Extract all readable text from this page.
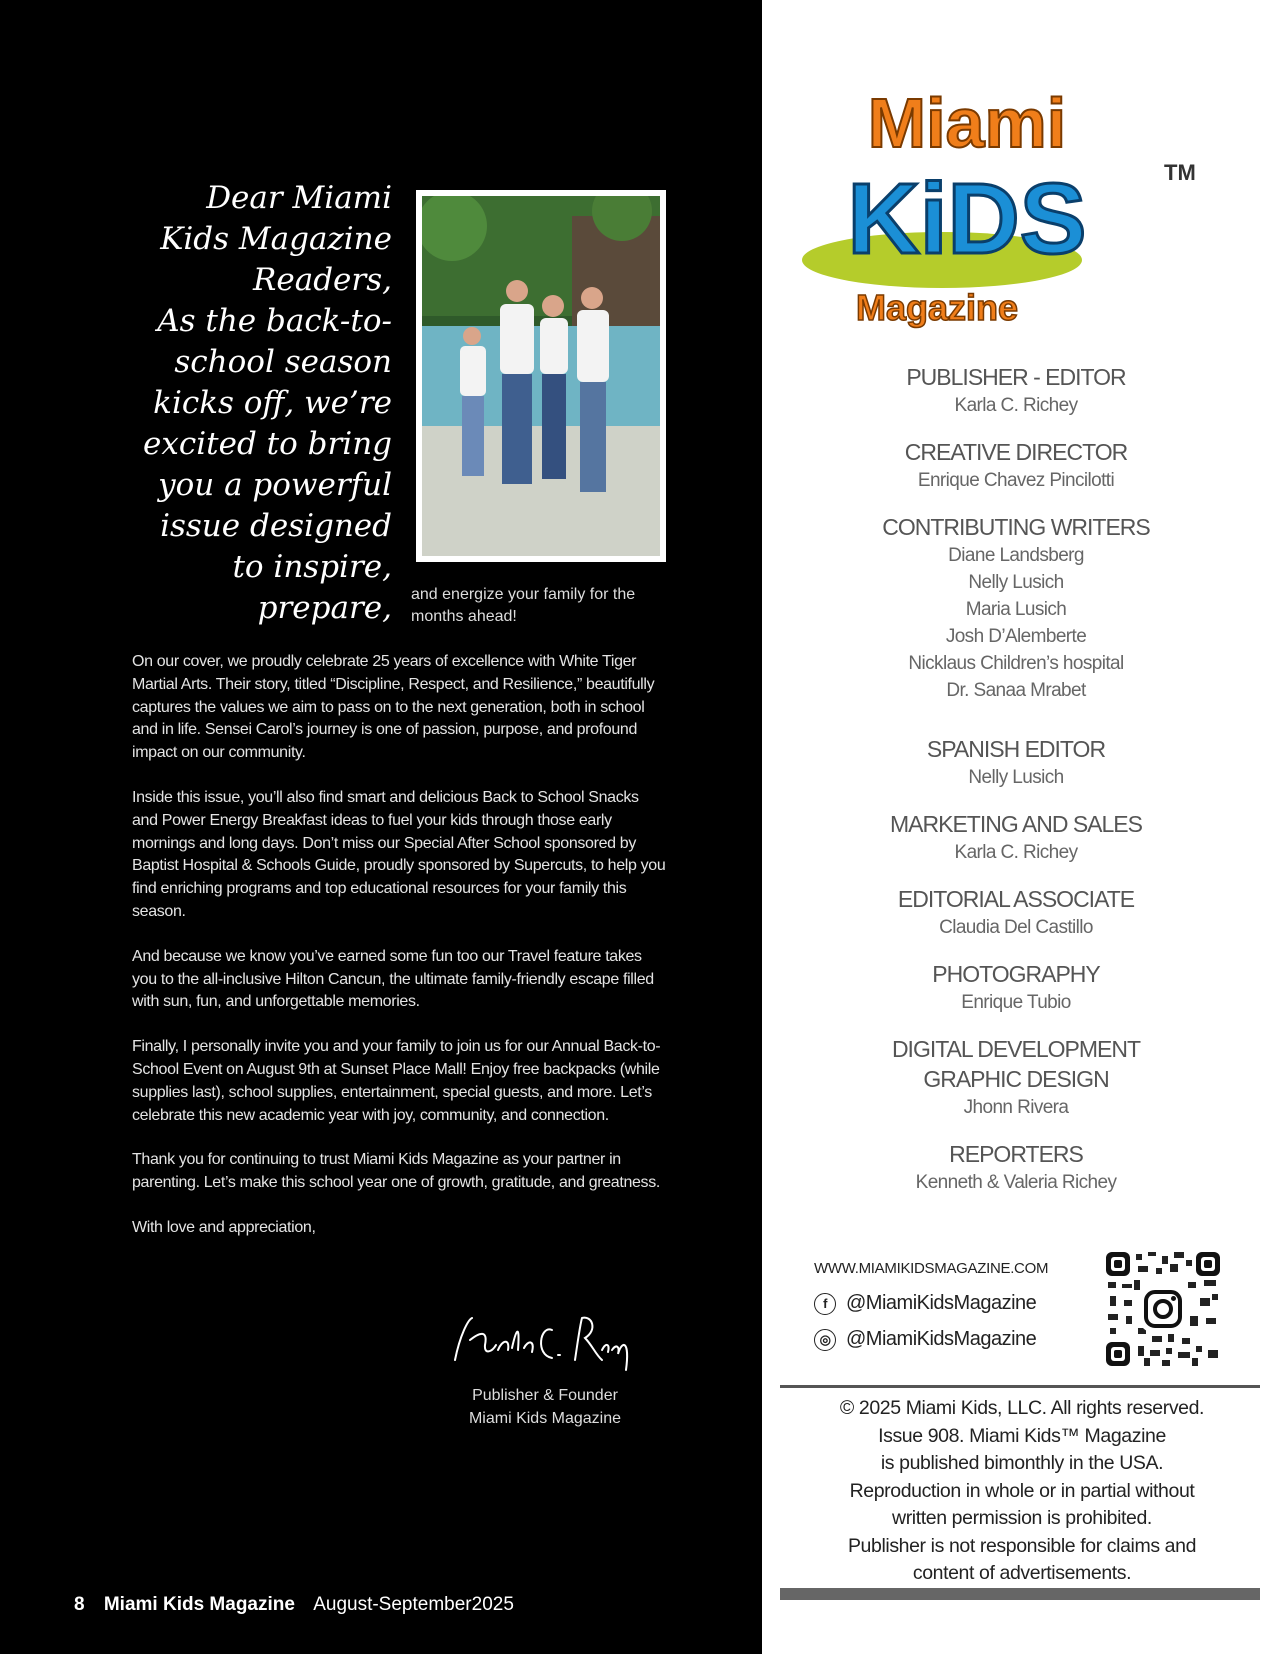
Dear Miami
Kids Magazine
Readers,
As the back-to-
school season
kicks off, we’re
excited to bring
you a powerful
issue designed
to inspire,
prepare, and energize your family for the months ahead!

On our cover, we proudly celebrate 25 years of excellence with White Tiger Martial Arts. Their story, titled “Discipline, Respect, and Resilience,” beautifully captures the values we aim to pass on to the next generation, both in school and in life. Sensei Carol’s journey is one of passion, purpose, and profound impact on our community.

Inside this issue, you’ll also find smart and delicious Back to School Snacks and Power Energy Breakfast ideas to fuel your kids through those early mornings and long days. Don’t miss our Special After School sponsored by Baptist Hospital & Schools Guide, proudly sponsored by Supercuts, to help you find enriching programs and top educational resources for your family this season.

And because we know you’ve earned some fun too our Travel feature takes you to the all-inclusive Hilton Cancun, the ultimate family-friendly escape filled with sun, fun, and unforgettable memories.

Finally, I personally invite you and your family to join us for our Annual Back-to-School Event on August 9th at Sunset Place Mall! Enjoy free backpacks (while supplies last), school supplies, entertainment, special guests, and more. Let’s celebrate this new academic year with joy, community, and connection.

Thank you for continuing to trust Miami Kids Magazine as your partner in parenting. Let’s make this school year one of growth, gratitude, and greatness.

With love and appreciation,

Publisher & Founder
Miami Kids Magazine
8 Miami Kids Magazine August-September2025
Miami
KiDS
Magazine
TM
PUBLISHER - EDITOR
Karla C. Richey
CREATIVE DIRECTOR
Enrique Chavez Pincilotti
CONTRIBUTING WRITERS
Diane Landsberg
Nelly Lusich
Maria Lusich
Josh D’Alemberte
Nicklaus Children’s hospital
Dr. Sanaa Mrabet
SPANISH EDITOR
Nelly Lusich
MARKETING AND SALES
Karla C. Richey
EDITORIAL ASSOCIATE
Claudia Del Castillo
PHOTOGRAPHY
Enrique Tubio
DIGITAL DEVELOPMENT
GRAPHIC DESIGN
Jhonn Rivera
REPORTERS
Kenneth & Valeria Richey
WWW.MIAMIKIDSMAGAZINE.COM
f @MiamiKidsMagazine
◎ @MiamiKidsMagazine
© 2025 Miami Kids, LLC. All rights reserved.
Issue 908. Miami Kids™ Magazine
is published bimonthly in the USA.
Reproduction in whole or in partial without
written permission is prohibited.
Publisher is not responsible for claims and
content of advertisements.
